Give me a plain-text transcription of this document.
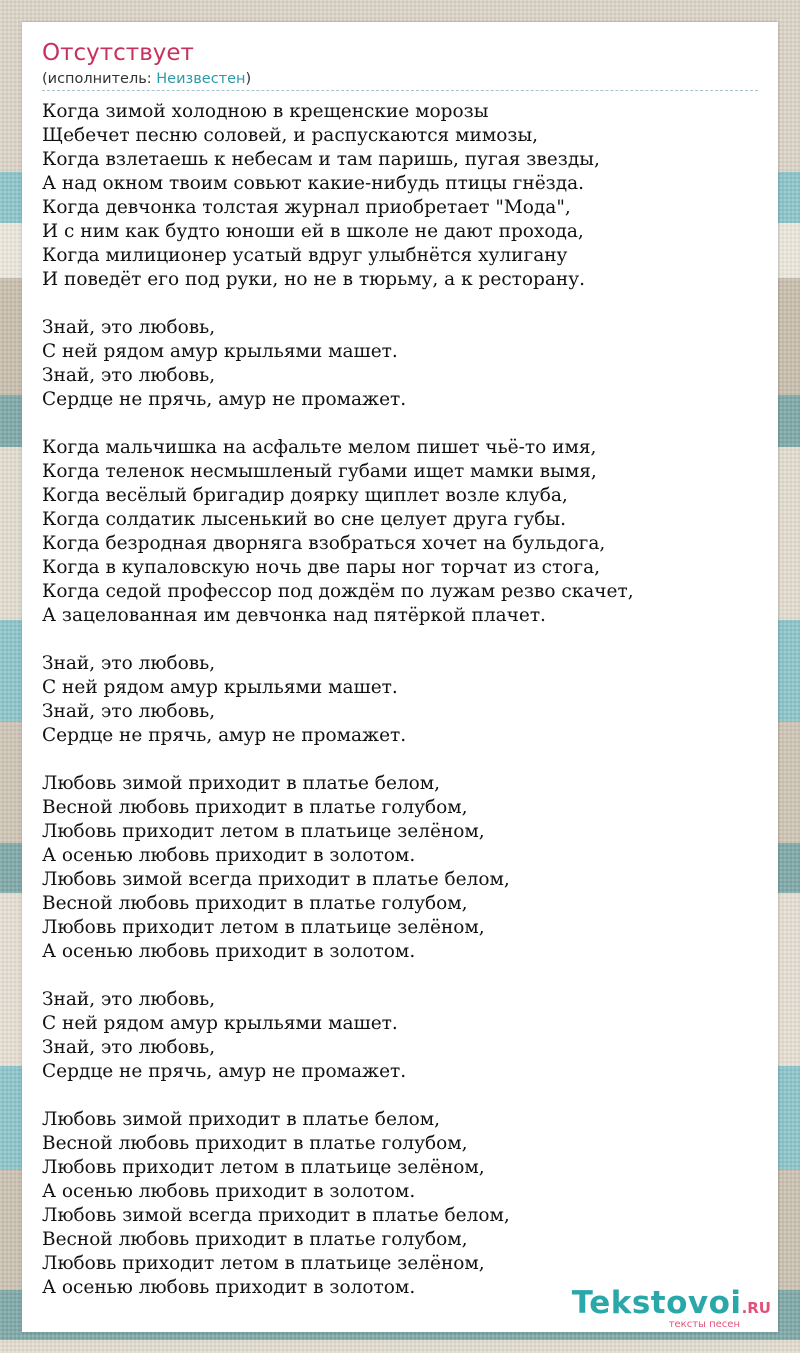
Отсутствует
(исполнитель: Неизвестен)
Когда зимой холодною в крещенские морозы
Щебечет песню соловей, и распускаются мимозы,
Когда взлетаешь к небесам и там паришь, пугая звезды,
А над окном твоим совьют какие-нибудь птицы гнёзда.
Когда девчонка толстая журнал приобретает "Мода",
И с ним как будто юноши ей в школе не дают прохода,
Когда милиционер усатый вдруг улыбнётся хулигану
И поведёт его под руки, но не в тюрьму, а к ресторану.
Знай, это любовь,
С ней рядом амур крыльями машет.
Знай, это любовь,
Сердце не прячь, амур не промажет.
Когда мальчишка на асфальте мелом пишет чьё-то имя,
Когда теленок несмышленый губами ищет мамки вымя,
Когда весёлый бригадир доярку щиплет возле клуба,
Когда солдатик лысенький во сне целует друга губы.
Когда безродная дворняга взобраться хочет на бульдога,
Когда в купаловскую ночь две пары ног торчат из стога,
Когда седой профессор под дождём по лужам резво скачет,
А зацелованная им девчонка над пятёркой плачет.
Знай, это любовь,
С ней рядом амур крыльями машет.
Знай, это любовь,
Сердце не прячь, амур не промажет.
Любовь зимой приходит в платье белом,
Весной любовь приходит в платье голубом,
Любовь приходит летом в платьице зелёном,
А осенью любовь приходит в золотом.
Любовь зимой всегда приходит в платье белом,
Весной любовь приходит в платье голубом,
Любовь приходит летом в платьице зелёном,
А осенью любовь приходит в золотом.
Знай, это любовь,
С ней рядом амур крыльями машет.
Знай, это любовь,
Сердце не прячь, амур не промажет.
Любовь зимой приходит в платье белом,
Весной любовь приходит в платье голубом,
Любовь приходит летом в платьице зелёном,
А осенью любовь приходит в золотом.
Любовь зимой всегда приходит в платье белом,
Весной любовь приходит в платье голубом,
Любовь приходит летом в платьице зелёном,
А осенью любовь приходит в золотом.	Tekstovoi.RU
тексты песен
